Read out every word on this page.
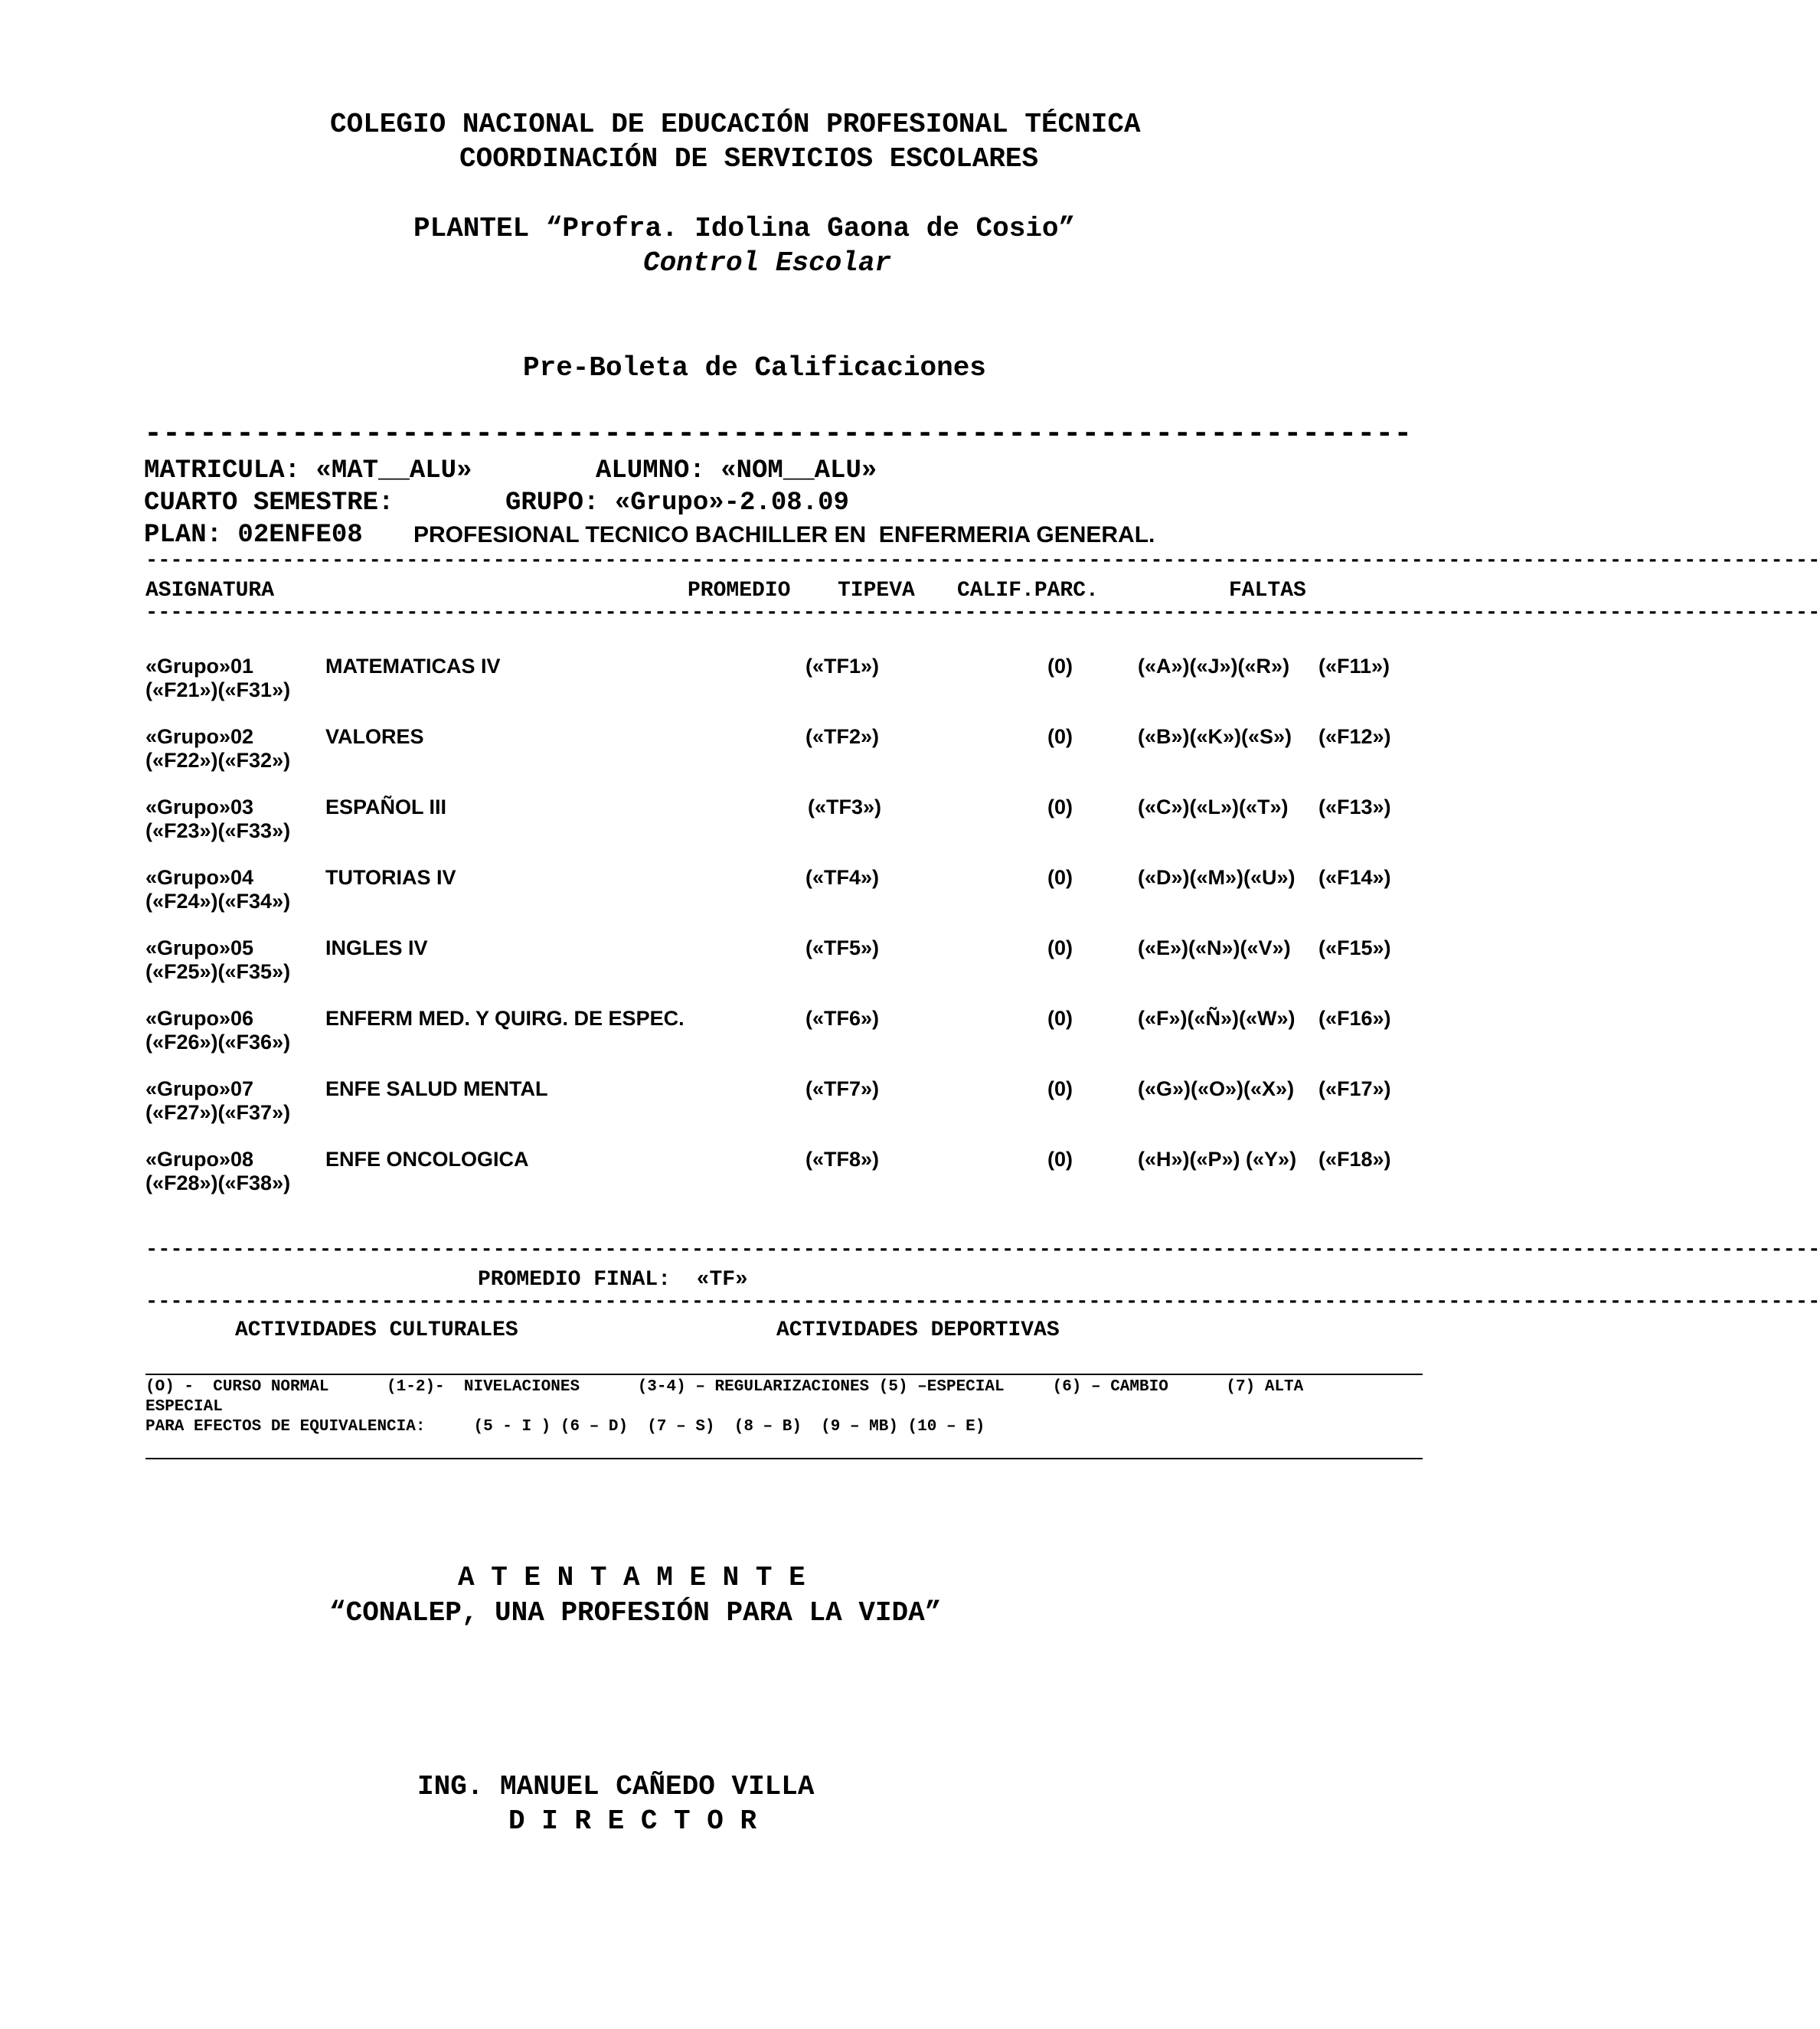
COLEGIO NACIONAL DE EDUCACIÓN PROFESIONAL TÉCNICA
COORDINACIÓN DE SERVICIOS ESCOLARES
PLANTEL “Profra. Idolina Gaona de Cosio”
Control Escolar
Pre-Boleta de Calificaciones
---------------------------------------------------------------------
MATRICULA: «MAT__ALU»	ALUMNO: «NOM__ALU»
CUARTO SEMESTRE:	GRUPO: «Grupo»-2.08.09
PLAN: 02ENFE08 PROFESIONAL TECNICO BACHILLER EN  ENFERMERIA GENERAL.
---------------------------------------------------------------------------------------------------------------------------------------
ASIGNATURA	PROMEDIO TIPEVA CALIF.PARC.	FALTAS
---------------------------------------------------------------------------------------------------------------------------------------
«Grupo»01	MATEMATICAS IV	(«TF1»)	(0)	(«A»)(«J»)(«R») («F11»)
(«F21»)(«F31»)
«Grupo»02	VALORES	(«TF2»)	(0)	(«B»)(«K»)(«S») («F12»)
(«F22»)(«F32»)
«Grupo»03	ESPAÑOL III	(«TF3»)	(0)	(«C»)(«L»)(«T») («F13»)
(«F23»)(«F33»)
«Grupo»04	TUTORIAS IV	(«TF4»)	(0)	(«D»)(«M»)(«U») («F14»)
(«F24»)(«F34»)
«Grupo»05	INGLES IV	(«TF5»)	(0)	(«E»)(«N»)(«V») («F15»)
(«F25»)(«F35»)
«Grupo»06	ENFERM MED. Y QUIRG. DE ESPEC.	(«TF6»)	(0)	(«F»)(«Ñ»)(«W») («F16»)
(«F26»)(«F36»)
«Grupo»07	ENFE SALUD MENTAL	(«TF7»)	(0)	(«G»)(«O»)(«X») («F17»)
(«F27»)(«F37»)
«Grupo»08	ENFE ONCOLOGICA	(«TF8»)	(0)	(«H»)(«P») («Y») («F18»)
(«F28»)(«F38»)
---------------------------------------------------------------------------------------------------------------------------------------
PROMEDIO FINAL:  «TF»
---------------------------------------------------------------------------------------------------------------------------------------
ACTIVIDADES CULTURALES	ACTIVIDADES DEPORTIVAS
(O) -  CURSO NORMAL      (1-2)-  NIVELACIONES      (3-4) – REGULARIZACIONES (5) –ESPECIAL     (6) – CAMBIO      (7) ALTA
ESPECIAL
PARA EFECTOS DE EQUIVALENCIA:     (5 - I ) (6 – D)  (7 – S)  (8 – B)  (9 – MB) (10 – E)
A T E N T A M E N T E
“CONALEP, UNA PROFESIÓN PARA LA VIDA”
ING. MANUEL CAÑEDO VILLA
D I R E C T O R
